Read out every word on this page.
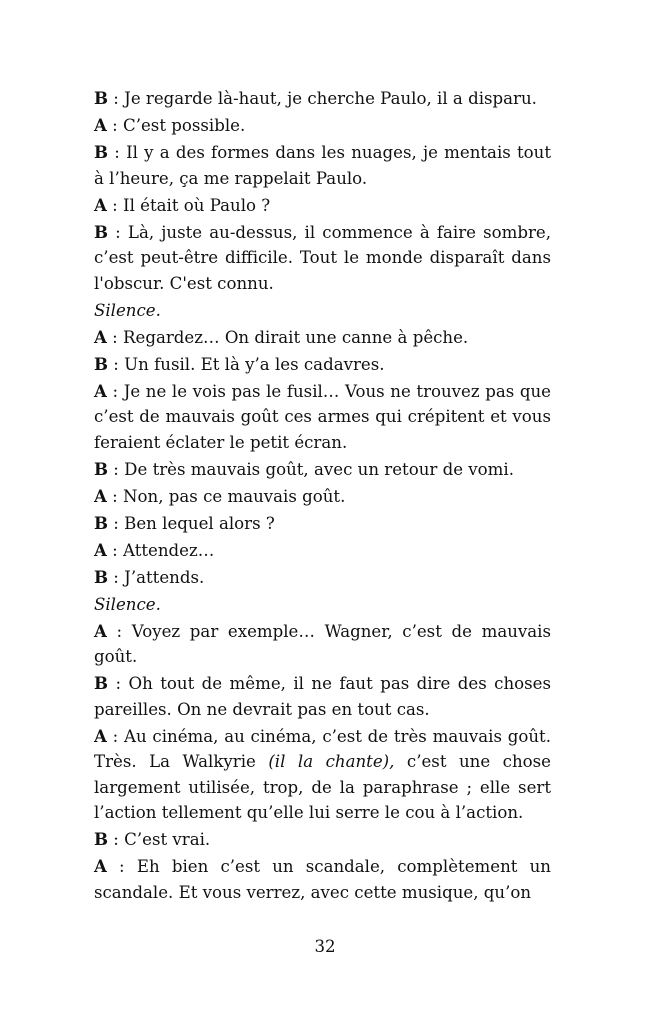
B : Je regarde là-haut, je cherche Paulo, il a disparu.

A : C’est possible.

B : Il y a des formes dans les nuages, je mentais tout à l’heure, ça me rappelait Paulo.

A : Il était où Paulo ?

B : Là, juste au-dessus, il commence à faire sombre, c’est peut-être difficile. Tout le monde disparaît dans l'obscur. C'est connu.

Silence.

A : Regardez… On dirait une canne à pêche.

B : Un fusil. Et là y’a les cadavres.

A : Je ne le vois pas le fusil… Vous ne trouvez pas que c’est de mauvais goût ces armes qui crépitent et vous feraient éclater le petit écran.

B : De très mauvais goût, avec un retour de vomi.

A : Non, pas ce mauvais goût.

B : Ben lequel alors ?

A : Attendez…

B : J’attends.

Silence.

A : Voyez par exemple… Wagner, c’est de mauvais goût.

B : Oh tout de même, il ne faut pas dire des choses pareilles. On ne devrait pas en tout cas.

A : Au cinéma, au cinéma, c’est de très mauvais goût. Très. La Walkyrie (il la chante), c’est une chose largement utilisée, trop, de la paraphrase ; elle sert l’action tellement qu’elle lui serre le cou à l’action.

B : C’est vrai.

A : Eh bien c’est un scandale, complètement un scandale. Et vous verrez, avec cette musique, qu’on

32
